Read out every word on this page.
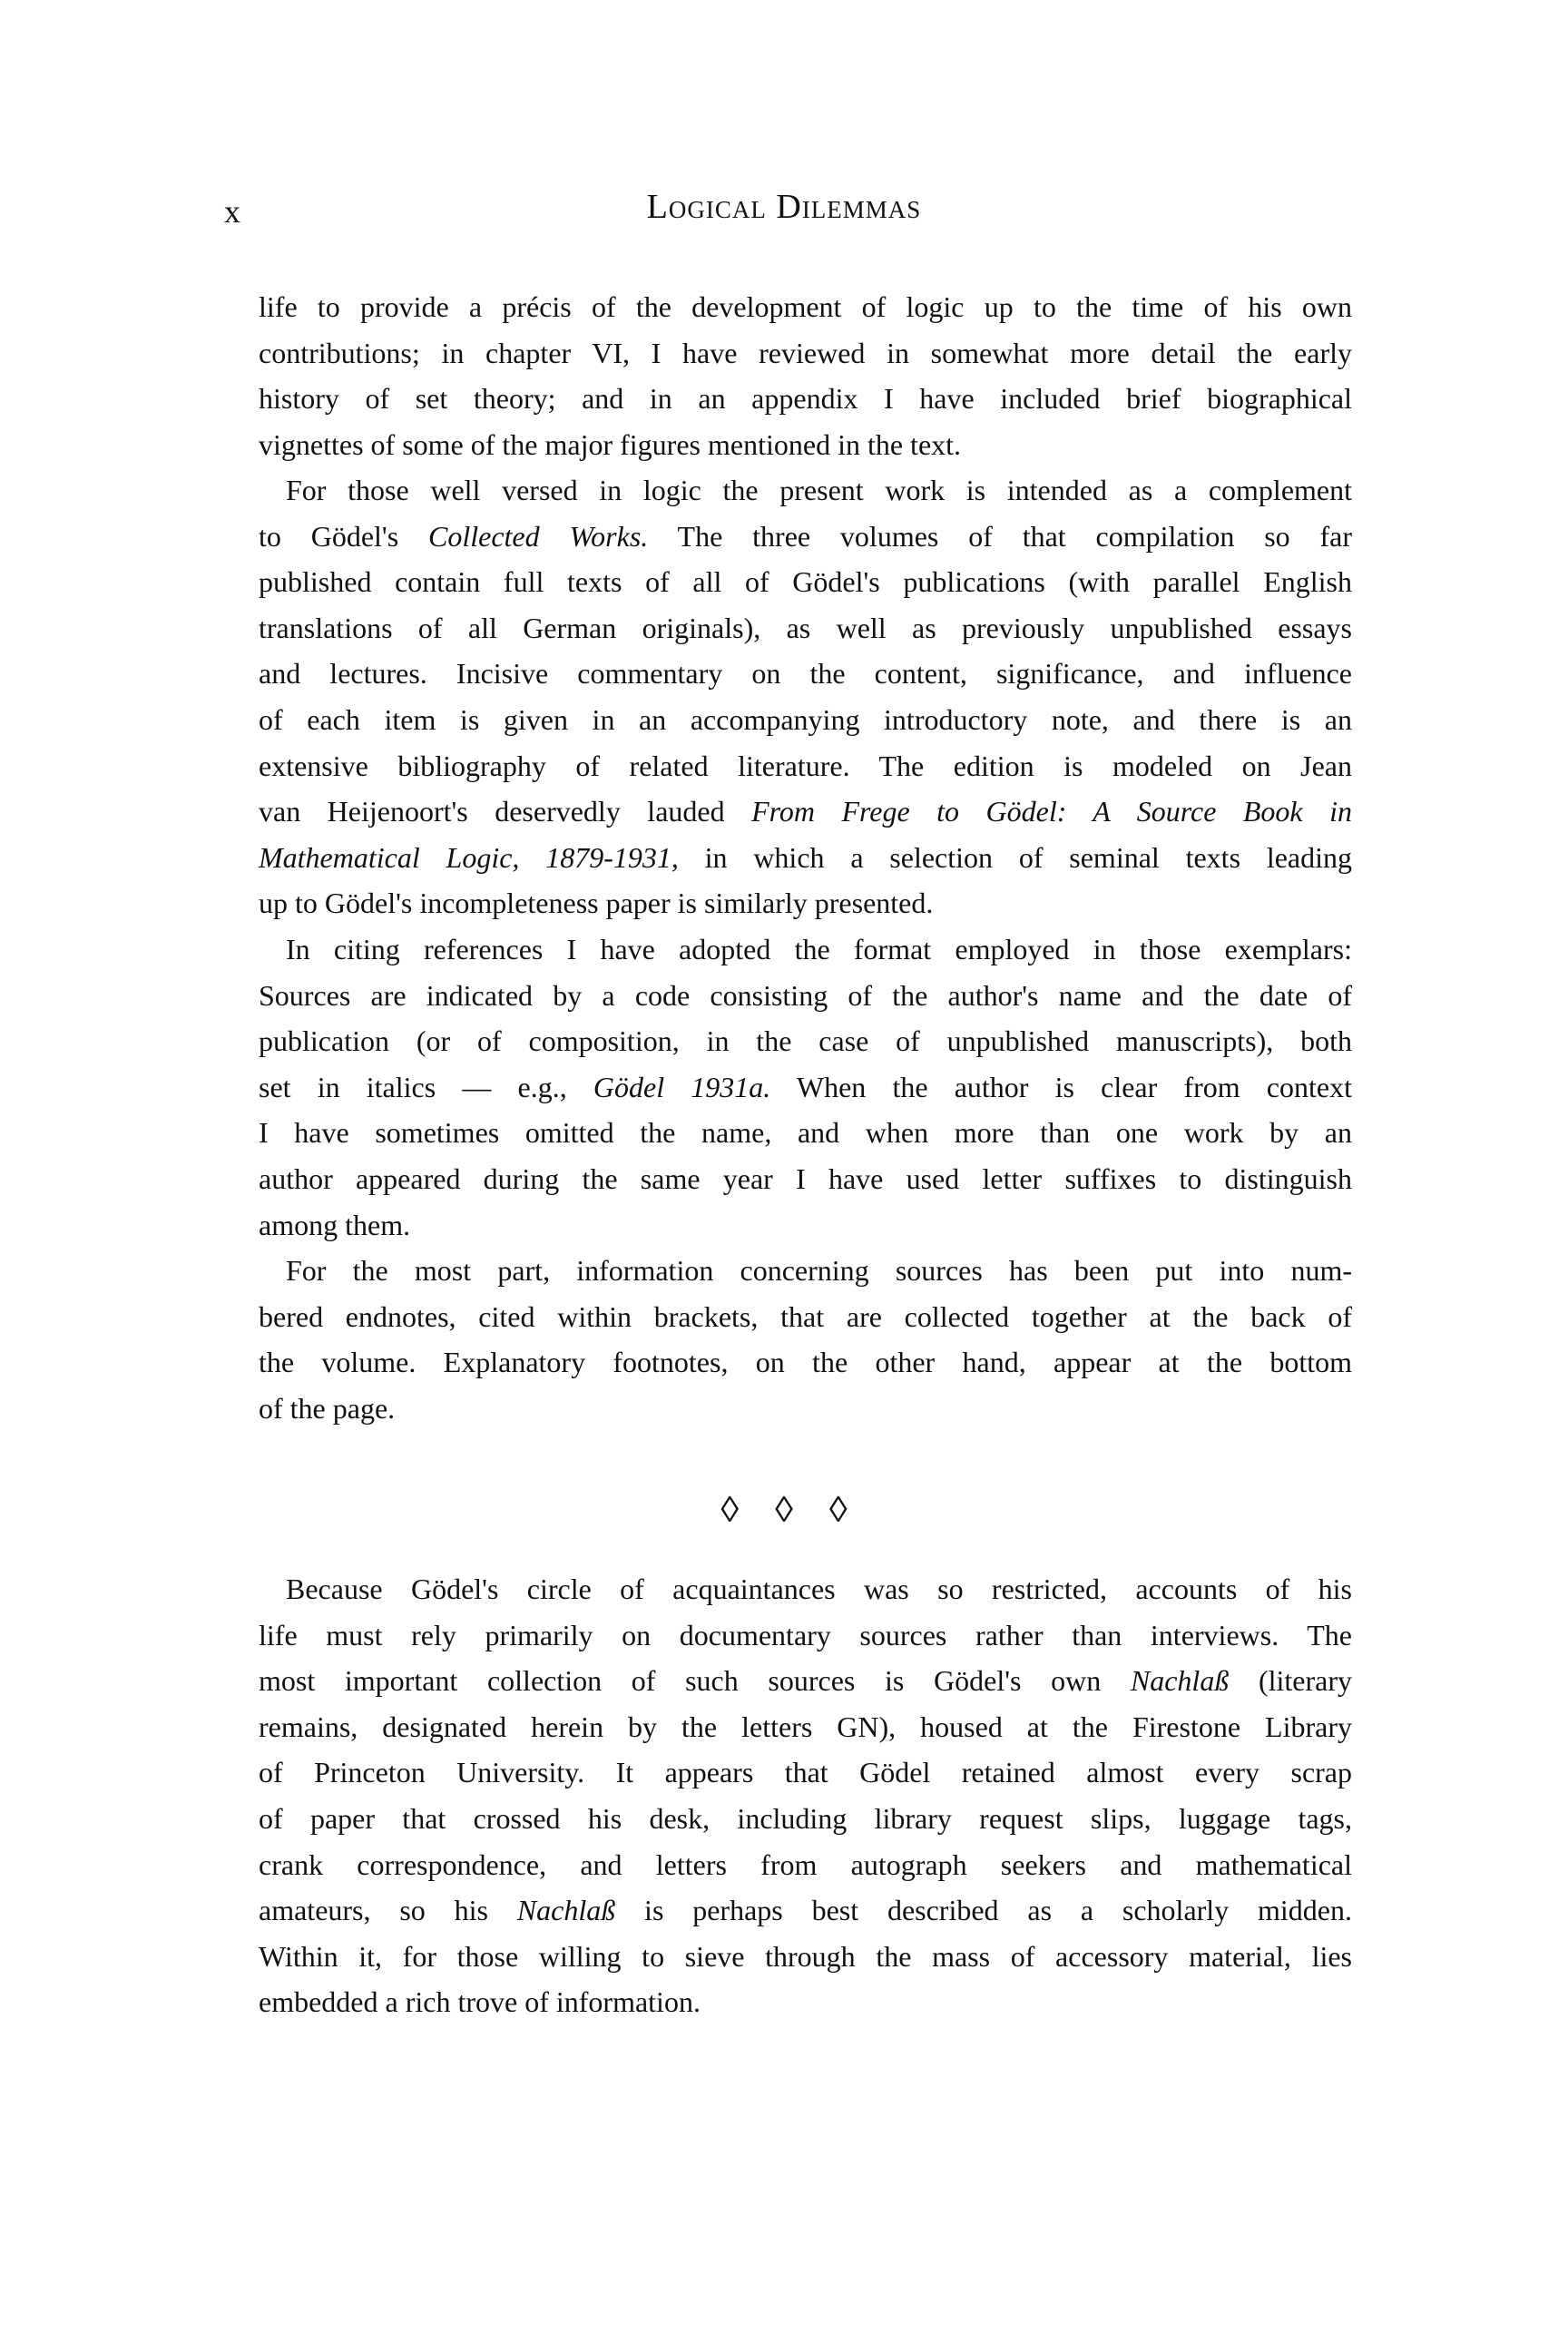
x	Logical Dilemmas
life to provide a précis of the development of logic up to the time of his own
contributions; in chapter VI, I have reviewed in somewhat more detail the early
history of set theory; and in an appendix I have included brief biographical
vignettes of some of the major figures mentioned in the text.
For those well versed in logic the present work is intended as a complement
to Gödel's Collected Works. The three volumes of that compilation so far
published contain full texts of all of Gödel's publications (with parallel English
translations of all German originals), as well as previously unpublished essays
and lectures. Incisive commentary on the content, significance, and influence
of each item is given in an accompanying introductory note, and there is an
extensive bibliography of related literature. The edition is modeled on Jean
van Heijenoort's deservedly lauded From Frege to Gödel: A Source Book in
Mathematical Logic, 1879-1931, in which a selection of seminal texts leading
up to Gödel's incompleteness paper is similarly presented.
In citing references I have adopted the format employed in those exemplars:
Sources are indicated by a code consisting of the author's name and the date of
publication (or of composition, in the case of unpublished manuscripts), both
set in italics — e.g., Gödel 1931a. When the author is clear from context
I have sometimes omitted the name, and when more than one work by an
author appeared during the same year I have used letter suffixes to distinguish
among them.
For the most part, information concerning sources has been put into num-
bered endnotes, cited within brackets, that are collected together at the back of
the volume. Explanatory footnotes, on the other hand, appear at the bottom
of the page.
◊ ◊ ◊
Because Gödel's circle of acquaintances was so restricted, accounts of his
life must rely primarily on documentary sources rather than interviews. The
most important collection of such sources is Gödel's own Nachlaß (literary
remains, designated herein by the letters GN), housed at the Firestone Library
of Princeton University. It appears that Gödel retained almost every scrap
of paper that crossed his desk, including library request slips, luggage tags,
crank correspondence, and letters from autograph seekers and mathematical
amateurs, so his Nachlaß is perhaps best described as a scholarly midden.
Within it, for those willing to sieve through the mass of accessory material, lies
embedded a rich trove of information.
